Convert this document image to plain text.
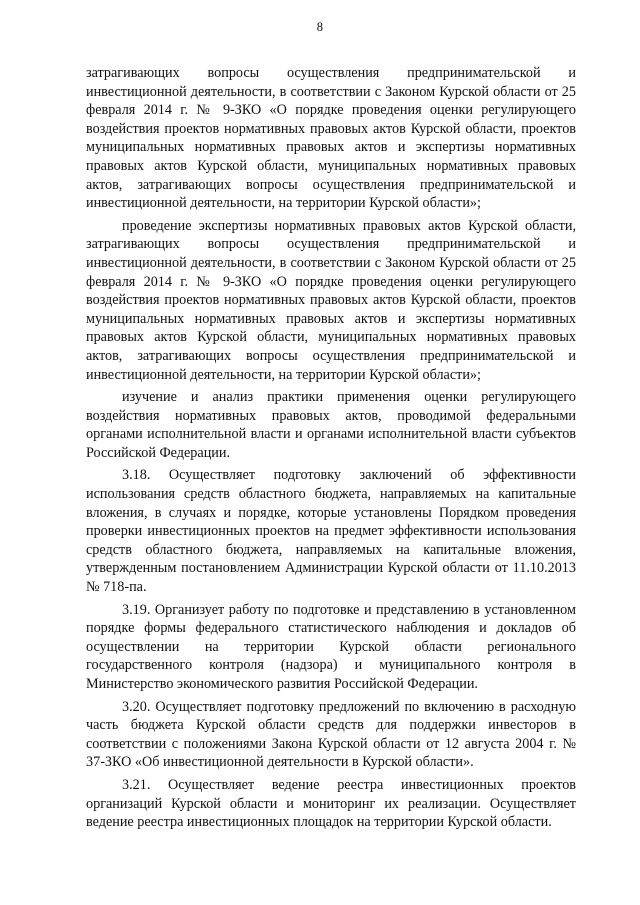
8

затрагивающих вопросы осуществления предпринимательской и инвестиционной деятельности, в соответствии с Законом Курской области от 25 февраля 2014 г. № 9-ЗКО «О порядке проведения оценки регулирующего воздействия проектов нормативных правовых актов Курской области, проектов муниципальных нормативных правовых актов и экспертизы нормативных правовых актов Курской области, муниципальных нормативных правовых актов, затрагивающих вопросы осуществления предпринимательской и инвестиционной деятельности, на территории Курской области»;

проведение экспертизы нормативных правовых актов Курской области, затрагивающих вопросы осуществления предпринимательской и инвестиционной деятельности, в соответствии с Законом Курской области от 25 февраля 2014 г. № 9-ЗКО «О порядке проведения оценки регулирующего воздействия проектов нормативных правовых актов Курской области, проектов муниципальных нормативных правовых актов и экспертизы нормативных правовых актов Курской области, муниципальных нормативных правовых актов, затрагивающих вопросы осуществления предпринимательской и инвестиционной деятельности, на территории Курской области»;

изучение и анализ практики применения оценки регулирующего воздействия нормативных правовых актов, проводимой федеральными органами исполнительной власти и органами исполнительной власти субъектов Российской Федерации.

3.18. Осуществляет подготовку заключений об эффективности использования средств областного бюджета, направляемых на капитальные вложения, в случаях и порядке, которые установлены Порядком проведения проверки инвестиционных проектов на предмет эффективности использования средств областного бюджета, направляемых на капитальные вложения, утвержденным постановлением Администрации Курской области от 11.10.2013 № 718-па.

3.19. Организует работу по подготовке и представлению в установленном порядке формы федерального статистического наблюдения и докладов об осуществлении на территории Курской области регионального государственного контроля (надзора) и муниципального контроля в Министерство экономического развития Российской Федерации.

3.20. Осуществляет подготовку предложений по включению в расходную часть бюджета Курской области средств для поддержки инвесторов в соответствии с положениями Закона Курской области от 12 августа 2004 г. № 37-ЗКО «Об инвестиционной деятельности в Курской области».

3.21. Осуществляет ведение реестра инвестиционных проектов организаций Курской области и мониторинг их реализации. Осуществляет ведение реестра инвестиционных площадок на территории Курской области.
